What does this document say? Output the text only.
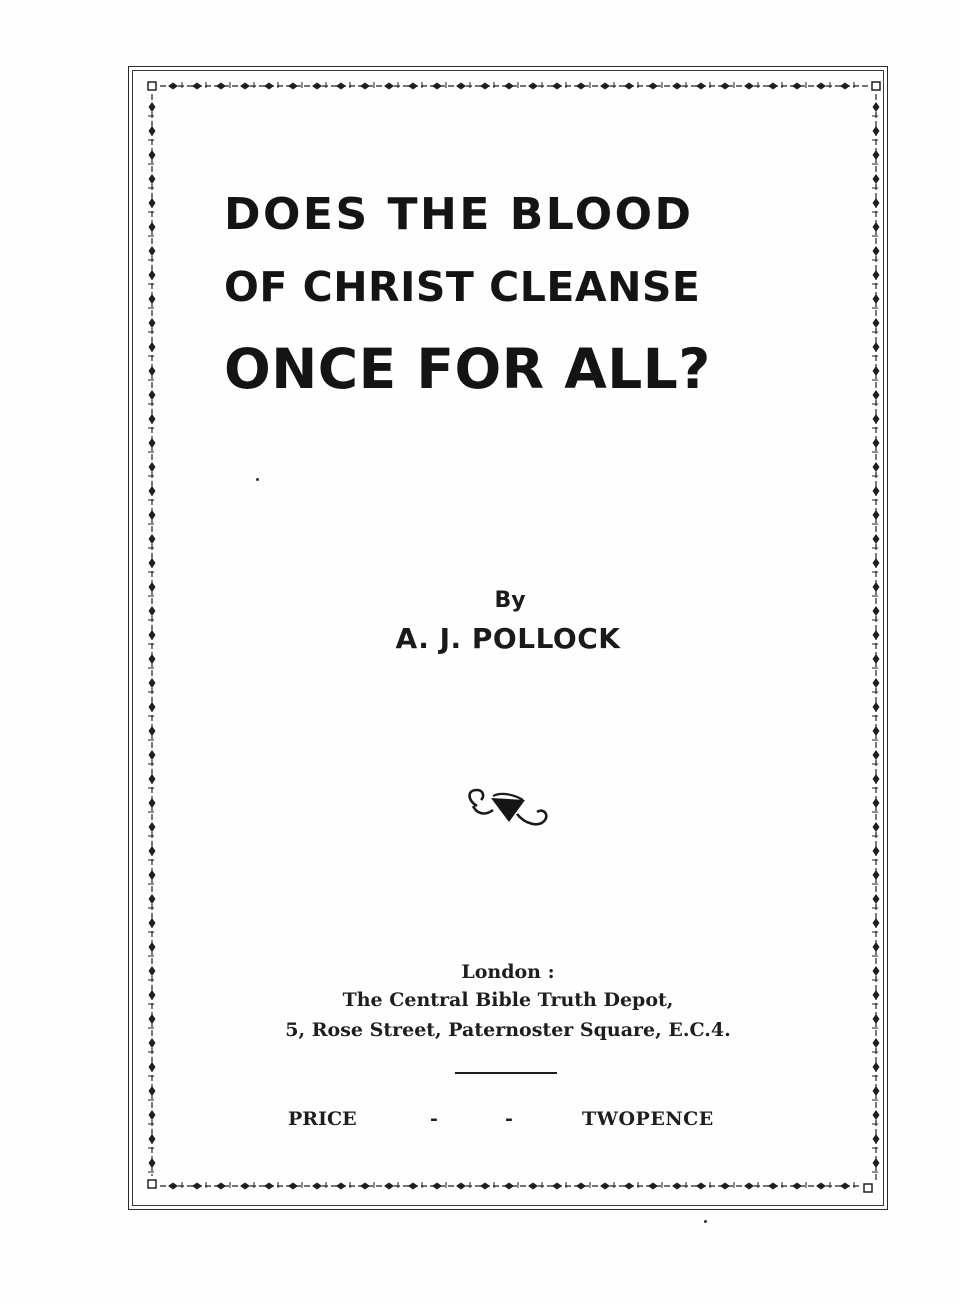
DOES THE BLOOD
OF CHRIST CLEANSE
ONCE FOR ALL?
By
A. J. POLLOCK
London :
The Central Bible Truth Depot,
5, Rose Street, Paternoster Square, E.C.4.
PRICE	-	-	TWOPENCE
